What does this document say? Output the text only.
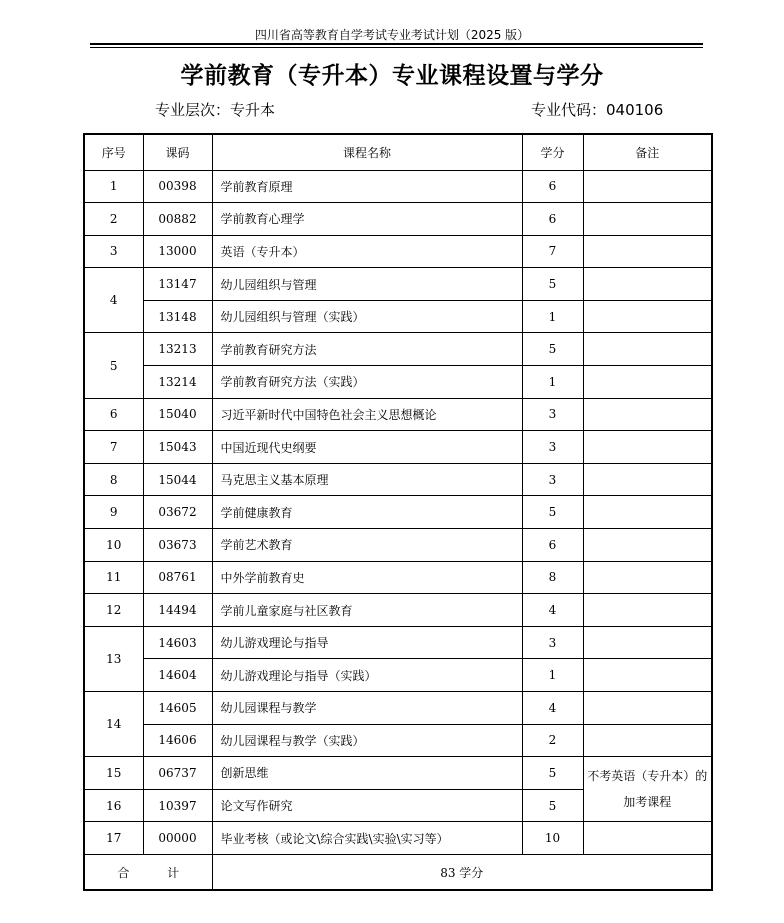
四川省高等教育自学考试专业考试计划（2025 版）
学前教育（专升本）专业课程设置与学分
专业层次：专升本	专业代码：040106
序号	课码	课程名称	学分	备注
1	00398	学前教育原理	6	
2	00882	学前教育心理学	6	
3	13000	英语（专升本）	7	
4	13147	幼儿园组织与管理	5	
	13148	幼儿园组织与管理（实践）	1	
5	13213	学前教育研究方法	5	
	13214	学前教育研究方法（实践）	1	
6	15040	习近平新时代中国特色社会主义思想概论	3	
7	15043	中国近现代史纲要	3	
8	15044	马克思主义基本原理	3	
9	03672	学前健康教育	5	
10	03673	学前艺术教育	6	
11	08761	中外学前教育史	8	
12	14494	学前儿童家庭与社区教育	4	
13	14603	幼儿游戏理论与指导	3	
	14604	幼儿游戏理论与指导（实践）	1	
14	14605	幼儿园课程与教学	4	
	14606	幼儿园课程与教学（实践）	2	
15	06737	创新思维	5	不考英语（专升本）的加考课程
16	10397	论文写作研究	5	
17	00000	毕业考核（或论文\综合实践\实验\实习等）	10	
合 计		83 学分		
